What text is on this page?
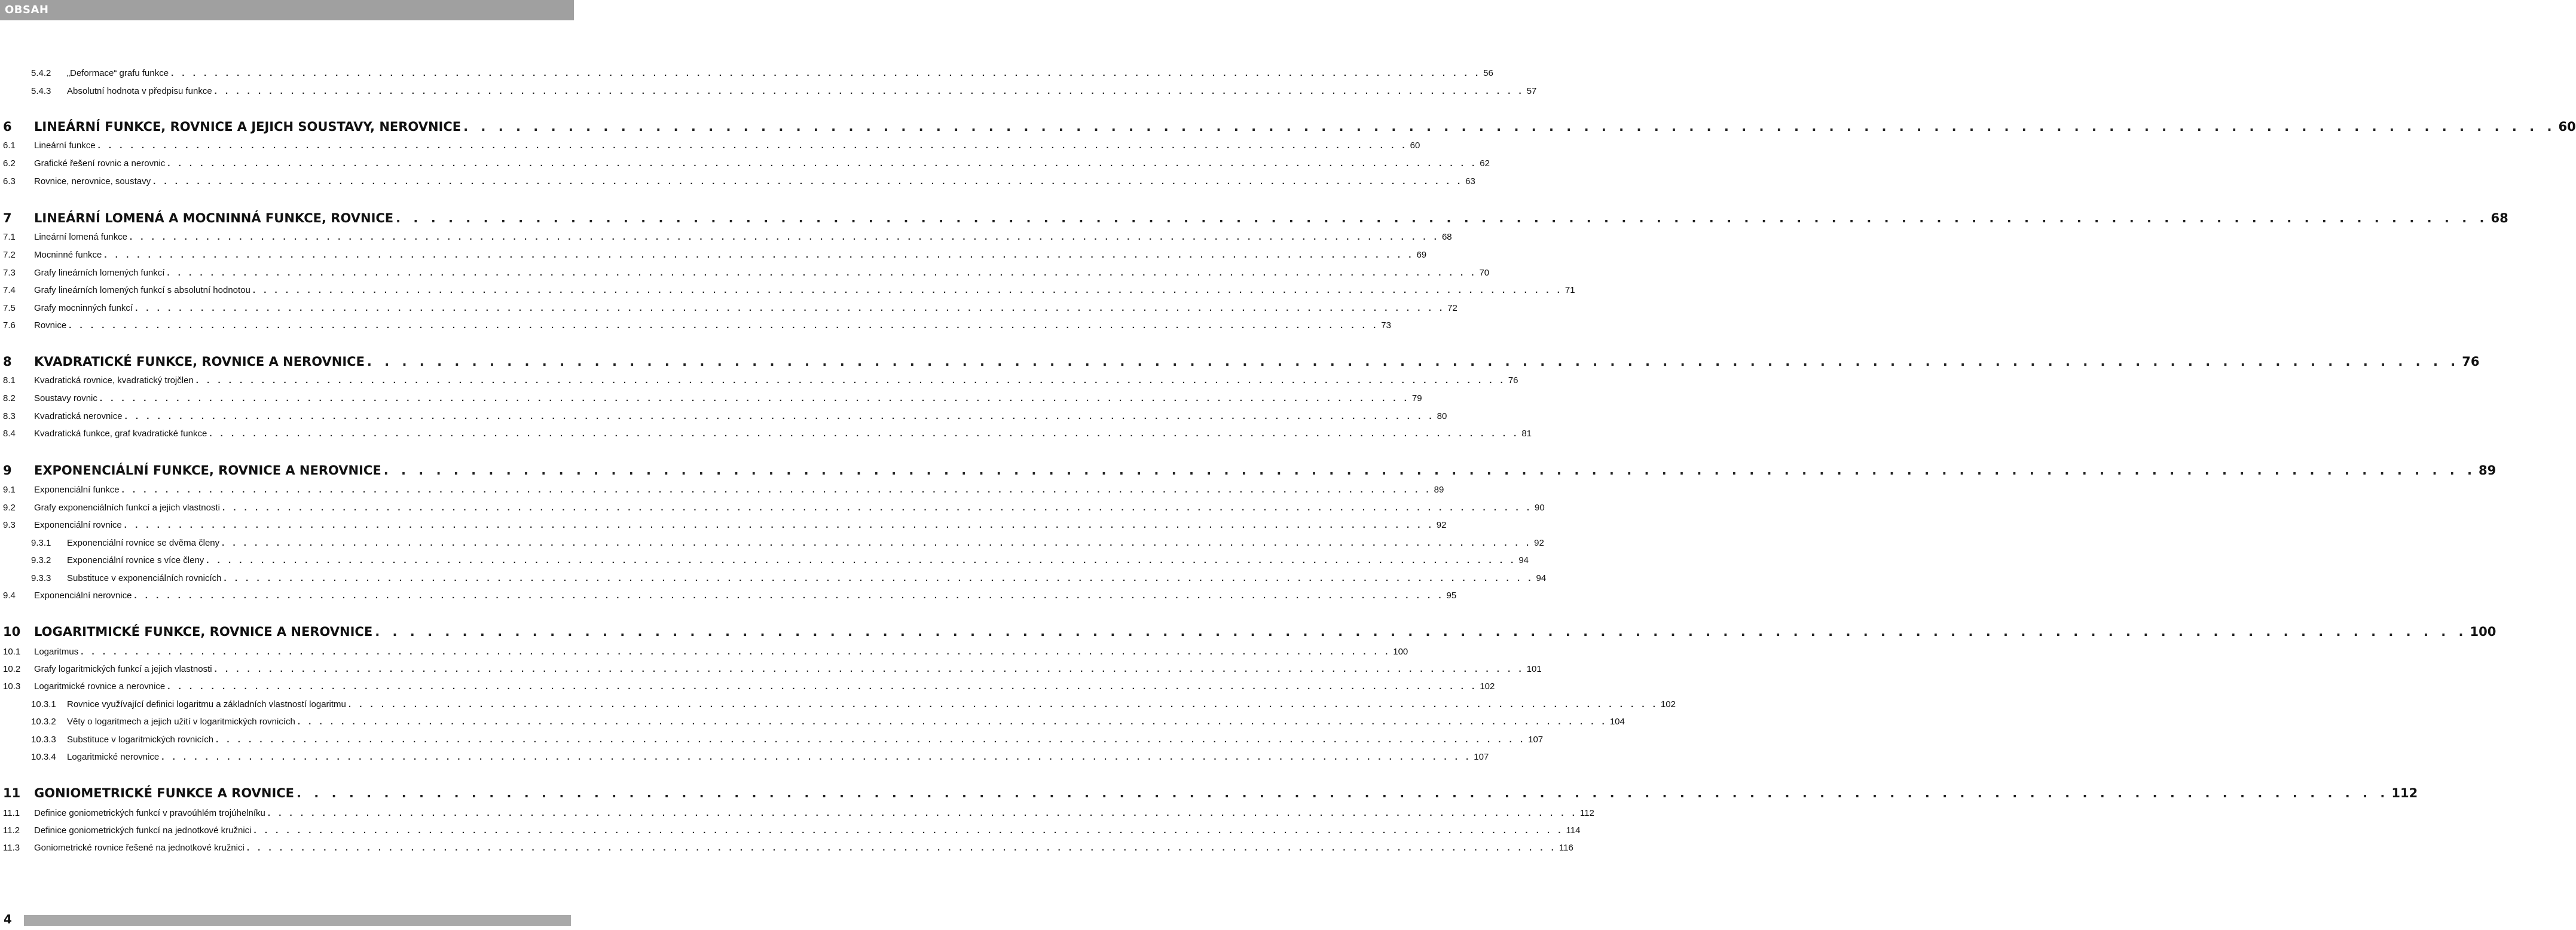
OBSAH
5.4.2	„Deformace“ grafu funkce . . . . . . . . . . . . . . . . . . . . . . . . . . . . . . . . . . . . . . . . . . . . . . . . . . . . . . . . . . . . . . . . . . . . . . . . . . . . . . . . . . . . . . . . . . . . . . . . . . . . . . . . . . . . . . . . . . . . . . . . 56
5.4.3	Absolutní hodnota v předpisu funkce . . . . . . . . . . . . . . . . . . . . . . . . . . . . . . . . . . . . . . . . . . . . . . . . . . . . . . . . . . . . . . . . . . . . . . . . . . . . . . . . . . . . . . . . . . . . . . . . . . . . . . . . . . . . . . . . . . . . . . . . 57
6	LINEÁRNÍ FUNKCE, ROVNICE A JEJICH SOUSTAVY, NEROVNICE . . . . . . . . . . . . . . . . . . . . . . . . . . . . . . . . . . . . . . . . . . . . . . . . . . . . . . . . . . . . . . . . . . . . . . . . . . . . . . . . . . . . . . . . . . . . . . . . . . . . . . . . . . . . . . . . . . . . . . . . 60
6.1	Lineární funkce . . . . . . . . . . . . . . . . . . . . . . . . . . . . . . . . . . . . . . . . . . . . . . . . . . . . . . . . . . . . . . . . . . . . . . . . . . . . . . . . . . . . . . . . . . . . . . . . . . . . . . . . . . . . . . . . . . . . . . . . 60
6.2	Grafické řešení rovnic a nerovnic . . . . . . . . . . . . . . . . . . . . . . . . . . . . . . . . . . . . . . . . . . . . . . . . . . . . . . . . . . . . . . . . . . . . . . . . . . . . . . . . . . . . . . . . . . . . . . . . . . . . . . . . . . . . . . . . . . . . . . . . 62
6.3	Rovnice, nerovnice, soustavy . . . . . . . . . . . . . . . . . . . . . . . . . . . . . . . . . . . . . . . . . . . . . . . . . . . . . . . . . . . . . . . . . . . . . . . . . . . . . . . . . . . . . . . . . . . . . . . . . . . . . . . . . . . . . . . . . . . . . . . . 63
7	LINEÁRNÍ LOMENÁ A MOCNINNÁ FUNKCE, ROVNICE . . . . . . . . . . . . . . . . . . . . . . . . . . . . . . . . . . . . . . . . . . . . . . . . . . . . . . . . . . . . . . . . . . . . . . . . . . . . . . . . . . . . . . . . . . . . . . . . . . . . . . . . . . . . . . . . . . . . . . . . 68
7.1	Lineární lomená funkce . . . . . . . . . . . . . . . . . . . . . . . . . . . . . . . . . . . . . . . . . . . . . . . . . . . . . . . . . . . . . . . . . . . . . . . . . . . . . . . . . . . . . . . . . . . . . . . . . . . . . . . . . . . . . . . . . . . . . . . . 68
7.2	Mocninné funkce . . . . . . . . . . . . . . . . . . . . . . . . . . . . . . . . . . . . . . . . . . . . . . . . . . . . . . . . . . . . . . . . . . . . . . . . . . . . . . . . . . . . . . . . . . . . . . . . . . . . . . . . . . . . . . . . . . . . . . . . 69
7.3	Grafy lineárních lomených funkcí . . . . . . . . . . . . . . . . . . . . . . . . . . . . . . . . . . . . . . . . . . . . . . . . . . . . . . . . . . . . . . . . . . . . . . . . . . . . . . . . . . . . . . . . . . . . . . . . . . . . . . . . . . . . . . . . . . . . . . . . 70
7.4	Grafy lineárních lomených funkcí s absolutní hodnotou . . . . . . . . . . . . . . . . . . . . . . . . . . . . . . . . . . . . . . . . . . . . . . . . . . . . . . . . . . . . . . . . . . . . . . . . . . . . . . . . . . . . . . . . . . . . . . . . . . . . . . . . . . . . . . . . . . . . . . . . 71
7.5	Grafy mocninných funkcí . . . . . . . . . . . . . . . . . . . . . . . . . . . . . . . . . . . . . . . . . . . . . . . . . . . . . . . . . . . . . . . . . . . . . . . . . . . . . . . . . . . . . . . . . . . . . . . . . . . . . . . . . . . . . . . . . . . . . . . . 72
7.6	Rovnice . . . . . . . . . . . . . . . . . . . . . . . . . . . . . . . . . . . . . . . . . . . . . . . . . . . . . . . . . . . . . . . . . . . . . . . . . . . . . . . . . . . . . . . . . . . . . . . . . . . . . . . . . . . . . . . . . . . . . . . . 73
8	KVADRATICKÉ FUNKCE, ROVNICE A NEROVNICE . . . . . . . . . . . . . . . . . . . . . . . . . . . . . . . . . . . . . . . . . . . . . . . . . . . . . . . . . . . . . . . . . . . . . . . . . . . . . . . . . . . . . . . . . . . . . . . . . . . . . . . . . . . . . . . . . . . . . . . . 76
8.1	Kvadratická rovnice, kvadratický trojčlen . . . . . . . . . . . . . . . . . . . . . . . . . . . . . . . . . . . . . . . . . . . . . . . . . . . . . . . . . . . . . . . . . . . . . . . . . . . . . . . . . . . . . . . . . . . . . . . . . . . . . . . . . . . . . . . . . . . . . . . . 76
8.2	Soustavy rovnic . . . . . . . . . . . . . . . . . . . . . . . . . . . . . . . . . . . . . . . . . . . . . . . . . . . . . . . . . . . . . . . . . . . . . . . . . . . . . . . . . . . . . . . . . . . . . . . . . . . . . . . . . . . . . . . . . . . . . . . . 79
8.3	Kvadratická nerovnice . . . . . . . . . . . . . . . . . . . . . . . . . . . . . . . . . . . . . . . . . . . . . . . . . . . . . . . . . . . . . . . . . . . . . . . . . . . . . . . . . . . . . . . . . . . . . . . . . . . . . . . . . . . . . . . . . . . . . . . . 80
8.4	Kvadratická funkce, graf kvadratické funkce . . . . . . . . . . . . . . . . . . . . . . . . . . . . . . . . . . . . . . . . . . . . . . . . . . . . . . . . . . . . . . . . . . . . . . . . . . . . . . . . . . . . . . . . . . . . . . . . . . . . . . . . . . . . . . . . . . . . . . . . 81
9	EXPONENCIÁLNÍ FUNKCE, ROVNICE A NEROVNICE . . . . . . . . . . . . . . . . . . . . . . . . . . . . . . . . . . . . . . . . . . . . . . . . . . . . . . . . . . . . . . . . . . . . . . . . . . . . . . . . . . . . . . . . . . . . . . . . . . . . . . . . . . . . . . . . . . . . . . . . 89
9.1	Exponenciální funkce . . . . . . . . . . . . . . . . . . . . . . . . . . . . . . . . . . . . . . . . . . . . . . . . . . . . . . . . . . . . . . . . . . . . . . . . . . . . . . . . . . . . . . . . . . . . . . . . . . . . . . . . . . . . . . . . . . . . . . . . 89
9.2	Grafy exponenciálních funkcí a jejich vlastnosti . . . . . . . . . . . . . . . . . . . . . . . . . . . . . . . . . . . . . . . . . . . . . . . . . . . . . . . . . . . . . . . . . . . . . . . . . . . . . . . . . . . . . . . . . . . . . . . . . . . . . . . . . . . . . . . . . . . . . . . . 90
9.3	Exponenciální rovnice . . . . . . . . . . . . . . . . . . . . . . . . . . . . . . . . . . . . . . . . . . . . . . . . . . . . . . . . . . . . . . . . . . . . . . . . . . . . . . . . . . . . . . . . . . . . . . . . . . . . . . . . . . . . . . . . . . . . . . . . 92
9.3.1	Exponenciální rovnice se dvěma členy . . . . . . . . . . . . . . . . . . . . . . . . . . . . . . . . . . . . . . . . . . . . . . . . . . . . . . . . . . . . . . . . . . . . . . . . . . . . . . . . . . . . . . . . . . . . . . . . . . . . . . . . . . . . . . . . . . . . . . . . 92
9.3.2	Exponenciální rovnice s více členy . . . . . . . . . . . . . . . . . . . . . . . . . . . . . . . . . . . . . . . . . . . . . . . . . . . . . . . . . . . . . . . . . . . . . . . . . . . . . . . . . . . . . . . . . . . . . . . . . . . . . . . . . . . . . . . . . . . . . . . . 94
9.3.3	Substituce v exponenciálních rovnicích . . . . . . . . . . . . . . . . . . . . . . . . . . . . . . . . . . . . . . . . . . . . . . . . . . . . . . . . . . . . . . . . . . . . . . . . . . . . . . . . . . . . . . . . . . . . . . . . . . . . . . . . . . . . . . . . . . . . . . . . 94
9.4	Exponenciální nerovnice . . . . . . . . . . . . . . . . . . . . . . . . . . . . . . . . . . . . . . . . . . . . . . . . . . . . . . . . . . . . . . . . . . . . . . . . . . . . . . . . . . . . . . . . . . . . . . . . . . . . . . . . . . . . . . . . . . . . . . . . 95
10	LOGARITMICKÉ FUNKCE, ROVNICE A NEROVNICE . . . . . . . . . . . . . . . . . . . . . . . . . . . . . . . . . . . . . . . . . . . . . . . . . . . . . . . . . . . . . . . . . . . . . . . . . . . . . . . . . . . . . . . . . . . . . . . . . . . . . . . . . . . . . . . . . . . . . . . . 100
10.1	Logaritmus . . . . . . . . . . . . . . . . . . . . . . . . . . . . . . . . . . . . . . . . . . . . . . . . . . . . . . . . . . . . . . . . . . . . . . . . . . . . . . . . . . . . . . . . . . . . . . . . . . . . . . . . . . . . . . . . . . . . . . . . 100
10.2	Grafy logaritmických funkcí a jejich vlastnosti . . . . . . . . . . . . . . . . . . . . . . . . . . . . . . . . . . . . . . . . . . . . . . . . . . . . . . . . . . . . . . . . . . . . . . . . . . . . . . . . . . . . . . . . . . . . . . . . . . . . . . . . . . . . . . . . . . . . . . . . 101
10.3	Logaritmické rovnice a nerovnice . . . . . . . . . . . . . . . . . . . . . . . . . . . . . . . . . . . . . . . . . . . . . . . . . . . . . . . . . . . . . . . . . . . . . . . . . . . . . . . . . . . . . . . . . . . . . . . . . . . . . . . . . . . . . . . . . . . . . . . . 102
10.3.1	Rovnice využívající definici logaritmu a základních vlastností logaritmu . . . . . . . . . . . . . . . . . . . . . . . . . . . . . . . . . . . . . . . . . . . . . . . . . . . . . . . . . . . . . . . . . . . . . . . . . . . . . . . . . . . . . . . . . . . . . . . . . . . . . . . . . . . . . . . . . . . . . . . . 102
10.3.2	Věty o logaritmech a jejich užití v logaritmických rovnicích . . . . . . . . . . . . . . . . . . . . . . . . . . . . . . . . . . . . . . . . . . . . . . . . . . . . . . . . . . . . . . . . . . . . . . . . . . . . . . . . . . . . . . . . . . . . . . . . . . . . . . . . . . . . . . . . . . . . . . . . 104
10.3.3	Substituce v logaritmických rovnicích . . . . . . . . . . . . . . . . . . . . . . . . . . . . . . . . . . . . . . . . . . . . . . . . . . . . . . . . . . . . . . . . . . . . . . . . . . . . . . . . . . . . . . . . . . . . . . . . . . . . . . . . . . . . . . . . . . . . . . . . 107
10.3.4	Logaritmické nerovnice . . . . . . . . . . . . . . . . . . . . . . . . . . . . . . . . . . . . . . . . . . . . . . . . . . . . . . . . . . . . . . . . . . . . . . . . . . . . . . . . . . . . . . . . . . . . . . . . . . . . . . . . . . . . . . . . . . . . . . . . 107
11	GONIOMETRICKÉ FUNKCE A ROVNICE . . . . . . . . . . . . . . . . . . . . . . . . . . . . . . . . . . . . . . . . . . . . . . . . . . . . . . . . . . . . . . . . . . . . . . . . . . . . . . . . . . . . . . . . . . . . . . . . . . . . . . . . . . . . . . . . . . . . . . . . 112
11.1	Definice goniometrických funkcí v pravoúhlém trojúhelníku . . . . . . . . . . . . . . . . . . . . . . . . . . . . . . . . . . . . . . . . . . . . . . . . . . . . . . . . . . . . . . . . . . . . . . . . . . . . . . . . . . . . . . . . . . . . . . . . . . . . . . . . . . . . . . . . . . . . . . . . 112
11.2	Definice goniometrických funkcí na jednotkové kružnici . . . . . . . . . . . . . . . . . . . . . . . . . . . . . . . . . . . . . . . . . . . . . . . . . . . . . . . . . . . . . . . . . . . . . . . . . . . . . . . . . . . . . . . . . . . . . . . . . . . . . . . . . . . . . . . . . . . . . . . . 114
11.3	Goniometrické rovnice řešené na jednotkové kružnici . . . . . . . . . . . . . . . . . . . . . . . . . . . . . . . . . . . . . . . . . . . . . . . . . . . . . . . . . . . . . . . . . . . . . . . . . . . . . . . . . . . . . . . . . . . . . . . . . . . . . . . . . . . . . . . . . . . . . . . . 116
4
